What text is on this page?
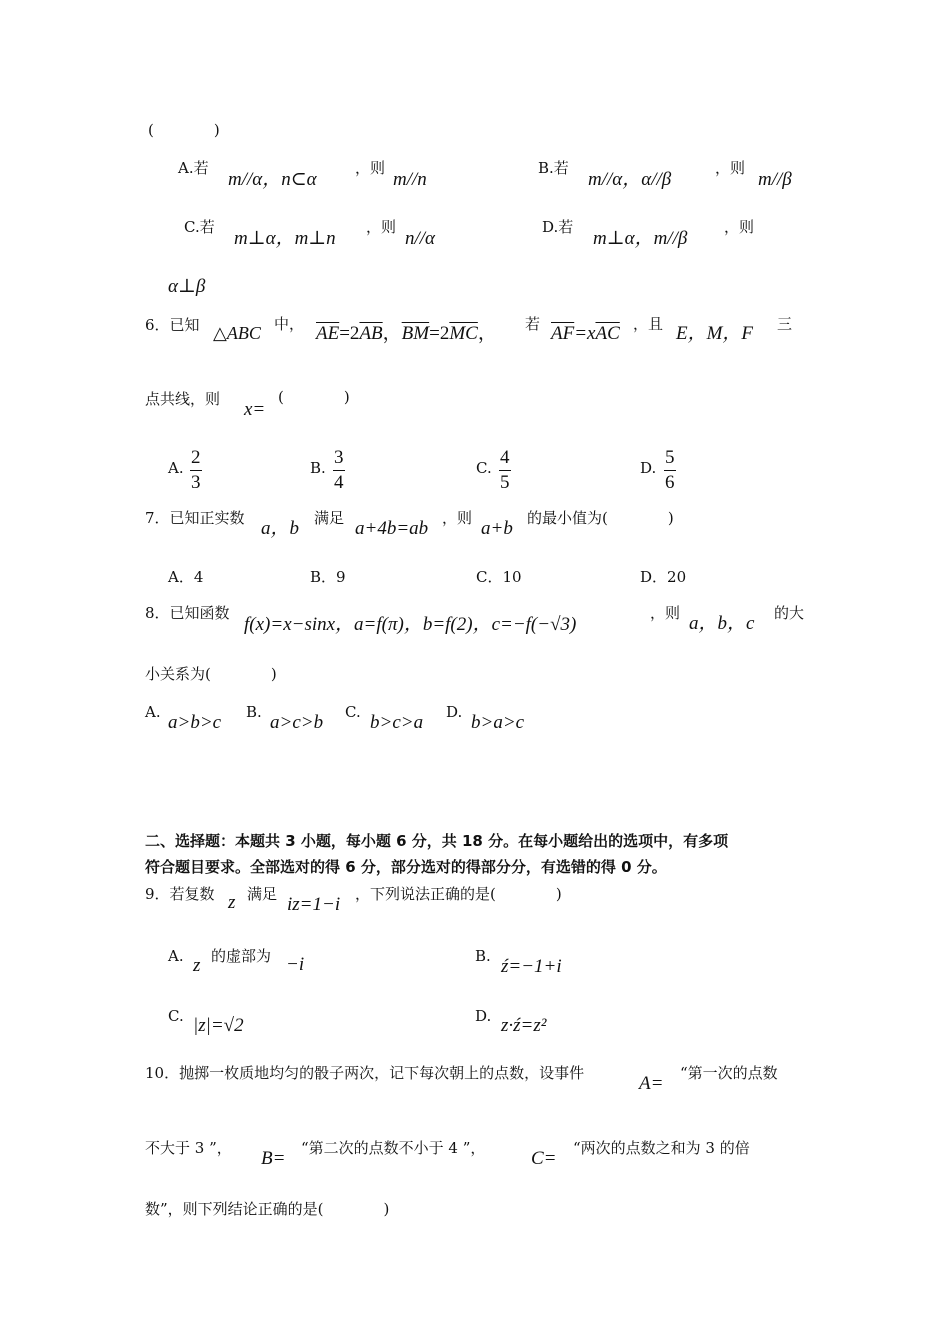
(　　　　)
A.若
m//α，n⊂α
，则
m//n
B.若
m//α，α//β
，则
m//β
C.若
m⊥α，m⊥n
，则
n//α
D.若
m⊥α，m//β
，则
α⊥β
6．已知 △ABC 中， $\overline{AE}=2\overline{AB}$，$\overline{BM}=2\overline{MC}$， 若 $\overline{AF}=x\overline{AC}$ ，且 E，M，F 三
点共线，则 x=
(　　　　)
A. $\frac{2}{3}$	B. $\frac{3}{4}$	C. $\frac{4}{5}$	D. $\frac{5}{6}$
7．已知正实数 a，b 满足 a+4b=ab ，则 a+b 的最小值为(　　　　)
A．4	B．9	C．10	D．20
8．已知函数
f(x)=x−sinx，a=f(π)，b=f(2)，c=−f(−√3)
，则 a，b，c 的大
小关系为(　　　　)
A. a>b>c B. a>c>b C. b>c>a D. b>a>c
二、选择题：本题共 3 小题，每小题 6 分，共 18 分。在每小题给出的选项中，有多项
符合题目要求。全部选对的得 6 分，部分选对的得部分分，有选错的得 0 分。
9．若复数 z 满足 iz=1−i ，下列说法正确的是(　　　　)
A. z 的虚部为 −i	B. ź=−1+i
C. |z|=√2	D. z·ź=z²
10．抛掷一枚质地均匀的骰子两次，记下每次朝上的点数，设事件	A= “第一次的点数
不大于 3 ”， B= “第二次的点数不小于 4 ”， C= “两次的点数之和为 3 的倍
数”，则下列结论正确的是(　　　　)
